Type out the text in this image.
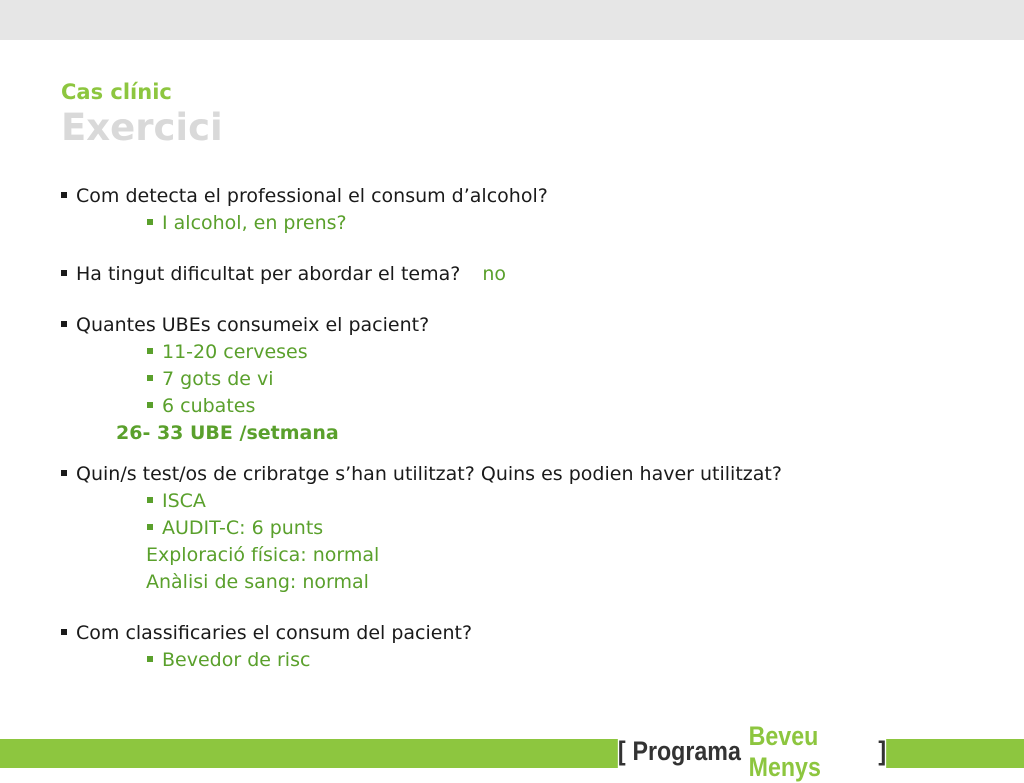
Cas clínic
Exercici
Com detecta el professional el consum d’alcohol?
I alcohol, en prens?
Ha tingut dificultat per abordar el tema? no
Quantes UBEs consumeix el pacient?
11-20 cerveses
7 gots de vi
6 cubates
26- 33 UBE /setmana
Quin/s test/os de cribratge s’han utilitzat? Quins es podien haver utilitzat?
ISCA
AUDIT-C: 6 punts
Exploració física: normal
Anàlisi de sang: normal
Com classificaries el consum del pacient?
Bevedor de risc
[ Programa
Beveu Menys
]
